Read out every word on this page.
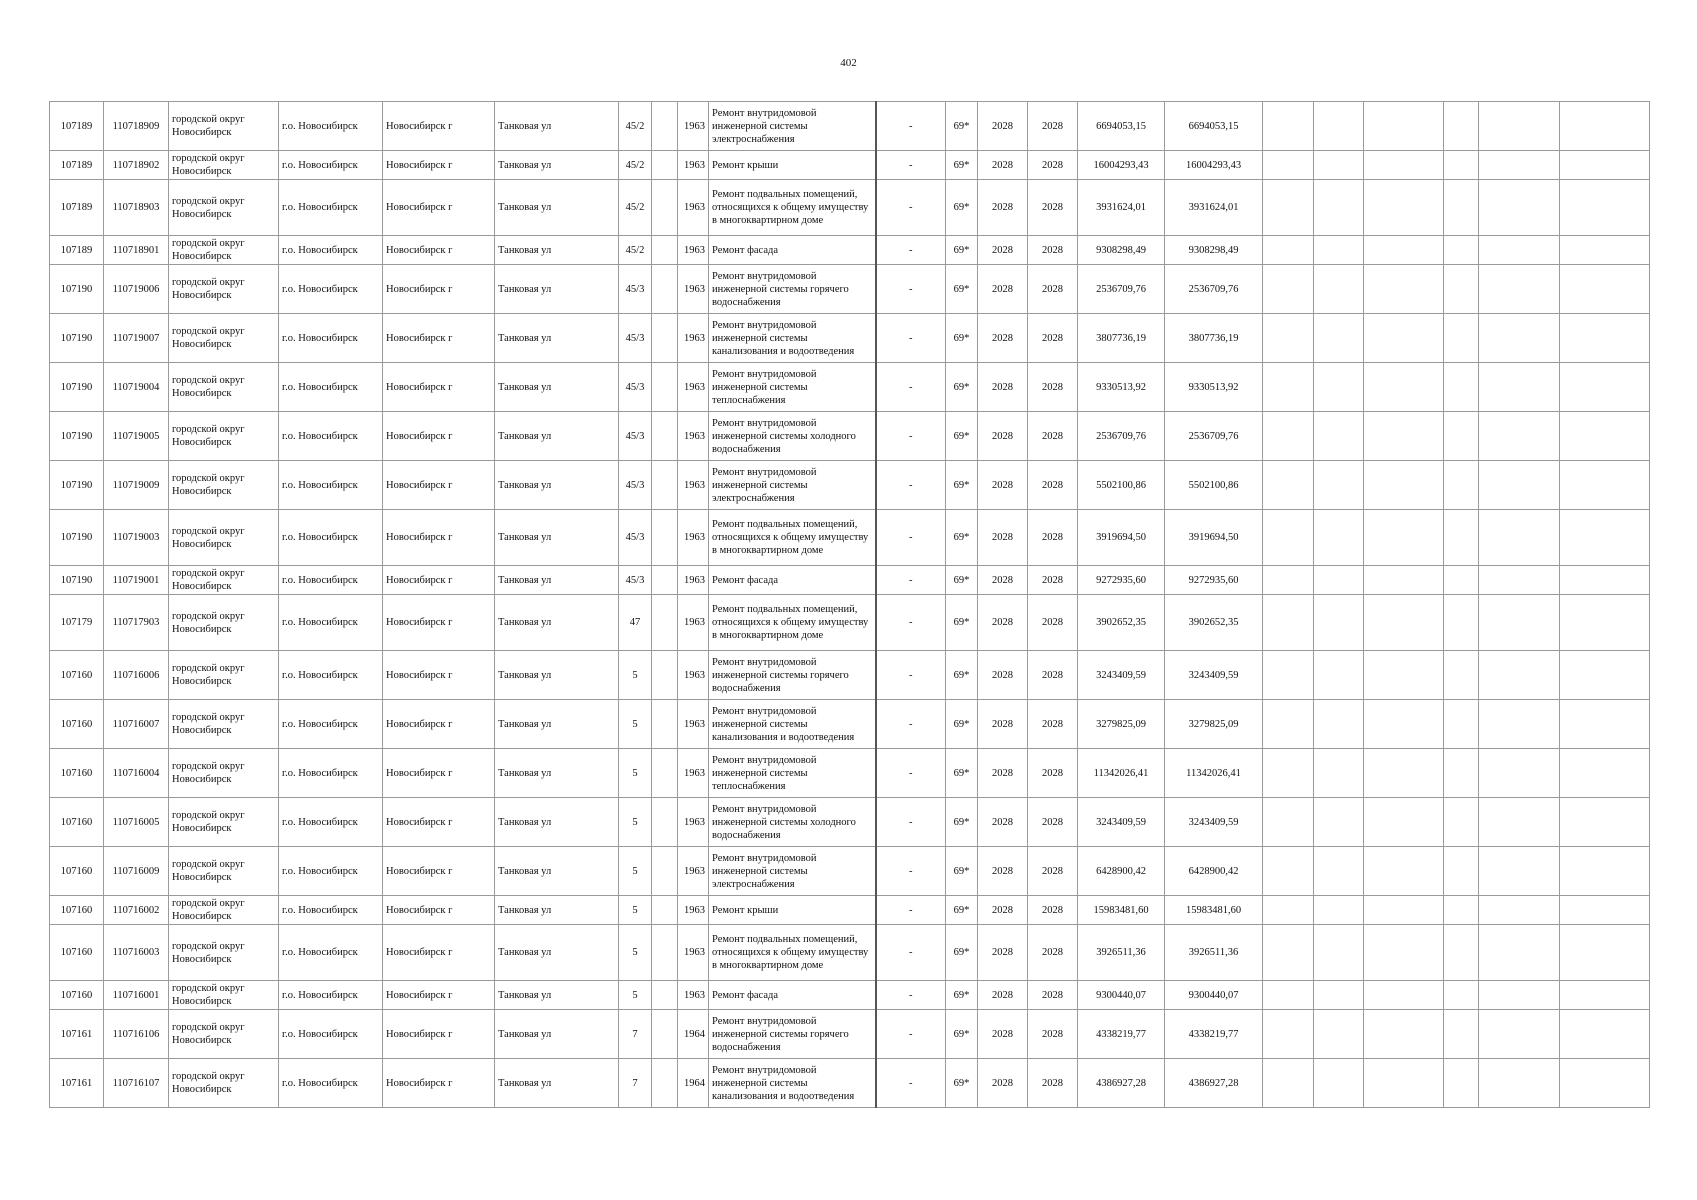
402
107189	110718909	городской округ Новосибирск	г.о. Новосибирск	Новосибирск г	Танковая ул	45/2		1963	Ремонт внутридомовой инженерной системы электроснабжения	-	69*	2028	2028	6694053,15	6694053,15						
107189	110718902	городской округ Новосибирск	г.о. Новосибирск	Новосибирск г	Танковая ул	45/2		1963	Ремонт крыши	-	69*	2028	2028	16004293,43	16004293,43						
107189	110718903	городской округ Новосибирск	г.о. Новосибирск	Новосибирск г	Танковая ул	45/2		1963	Ремонт подвальных помещений, относящихся к общему имуществу в многоквартирном доме	-	69*	2028	2028	3931624,01	3931624,01						
107189	110718901	городской округ Новосибирск	г.о. Новосибирск	Новосибирск г	Танковая ул	45/2		1963	Ремонт фасада	-	69*	2028	2028	9308298,49	9308298,49						
107190	110719006	городской округ Новосибирск	г.о. Новосибирск	Новосибирск г	Танковая ул	45/3		1963	Ремонт внутридомовой инженерной системы горячего водоснабжения	-	69*	2028	2028	2536709,76	2536709,76						
107190	110719007	городской округ Новосибирск	г.о. Новосибирск	Новосибирск г	Танковая ул	45/3		1963	Ремонт внутридомовой инженерной системы канализования и водоотведения	-	69*	2028	2028	3807736,19	3807736,19						
107190	110719004	городской округ Новосибирск	г.о. Новосибирск	Новосибирск г	Танковая ул	45/3		1963	Ремонт внутридомовой инженерной системы теплоснабжения	-	69*	2028	2028	9330513,92	9330513,92						
107190	110719005	городской округ Новосибирск	г.о. Новосибирск	Новосибирск г	Танковая ул	45/3		1963	Ремонт внутридомовой инженерной системы холодного водоснабжения	-	69*	2028	2028	2536709,76	2536709,76						
107190	110719009	городской округ Новосибирск	г.о. Новосибирск	Новосибирск г	Танковая ул	45/3		1963	Ремонт внутридомовой инженерной системы электроснабжения	-	69*	2028	2028	5502100,86	5502100,86						
107190	110719003	городской округ Новосибирск	г.о. Новосибирск	Новосибирск г	Танковая ул	45/3		1963	Ремонт подвальных помещений, относящихся к общему имуществу в многоквартирном доме	-	69*	2028	2028	3919694,50	3919694,50						
107190	110719001	городской округ Новосибирск	г.о. Новосибирск	Новосибирск г	Танковая ул	45/3		1963	Ремонт фасада	-	69*	2028	2028	9272935,60	9272935,60						
107179	110717903	городской округ Новосибирск	г.о. Новосибирск	Новосибирск г	Танковая ул	47		1963	Ремонт подвальных помещений, относящихся к общему имуществу в многоквартирном доме	-	69*	2028	2028	3902652,35	3902652,35						
107160	110716006	городской округ Новосибирск	г.о. Новосибирск	Новосибирск г	Танковая ул	5		1963	Ремонт внутридомовой инженерной системы горячего водоснабжения	-	69*	2028	2028	3243409,59	3243409,59						
107160	110716007	городской округ Новосибирск	г.о. Новосибирск	Новосибирск г	Танковая ул	5		1963	Ремонт внутридомовой инженерной системы канализования и водоотведения	-	69*	2028	2028	3279825,09	3279825,09						
107160	110716004	городской округ Новосибирск	г.о. Новосибирск	Новосибирск г	Танковая ул	5		1963	Ремонт внутридомовой инженерной системы теплоснабжения	-	69*	2028	2028	11342026,41	11342026,41						
107160	110716005	городской округ Новосибирск	г.о. Новосибирск	Новосибирск г	Танковая ул	5		1963	Ремонт внутридомовой инженерной системы холодного водоснабжения	-	69*	2028	2028	3243409,59	3243409,59						
107160	110716009	городской округ Новосибирск	г.о. Новосибирск	Новосибирск г	Танковая ул	5		1963	Ремонт внутридомовой инженерной системы электроснабжения	-	69*	2028	2028	6428900,42	6428900,42						
107160	110716002	городской округ Новосибирск	г.о. Новосибирск	Новосибирск г	Танковая ул	5		1963	Ремонт крыши	-	69*	2028	2028	15983481,60	15983481,60						
107160	110716003	городской округ Новосибирск	г.о. Новосибирск	Новосибирск г	Танковая ул	5		1963	Ремонт подвальных помещений, относящихся к общему имуществу в многоквартирном доме	-	69*	2028	2028	3926511,36	3926511,36						
107160	110716001	городской округ Новосибирск	г.о. Новосибирск	Новосибирск г	Танковая ул	5		1963	Ремонт фасада	-	69*	2028	2028	9300440,07	9300440,07						
107161	110716106	городской округ Новосибирск	г.о. Новосибирск	Новосибирск г	Танковая ул	7		1964	Ремонт внутридомовой инженерной системы горячего водоснабжения	-	69*	2028	2028	4338219,77	4338219,77						
107161	110716107	городской округ Новосибирск	г.о. Новосибирск	Новосибирск г	Танковая ул	7		1964	Ремонт внутридомовой инженерной системы канализования и водоотведения	-	69*	2028	2028	4386927,28	4386927,28						
